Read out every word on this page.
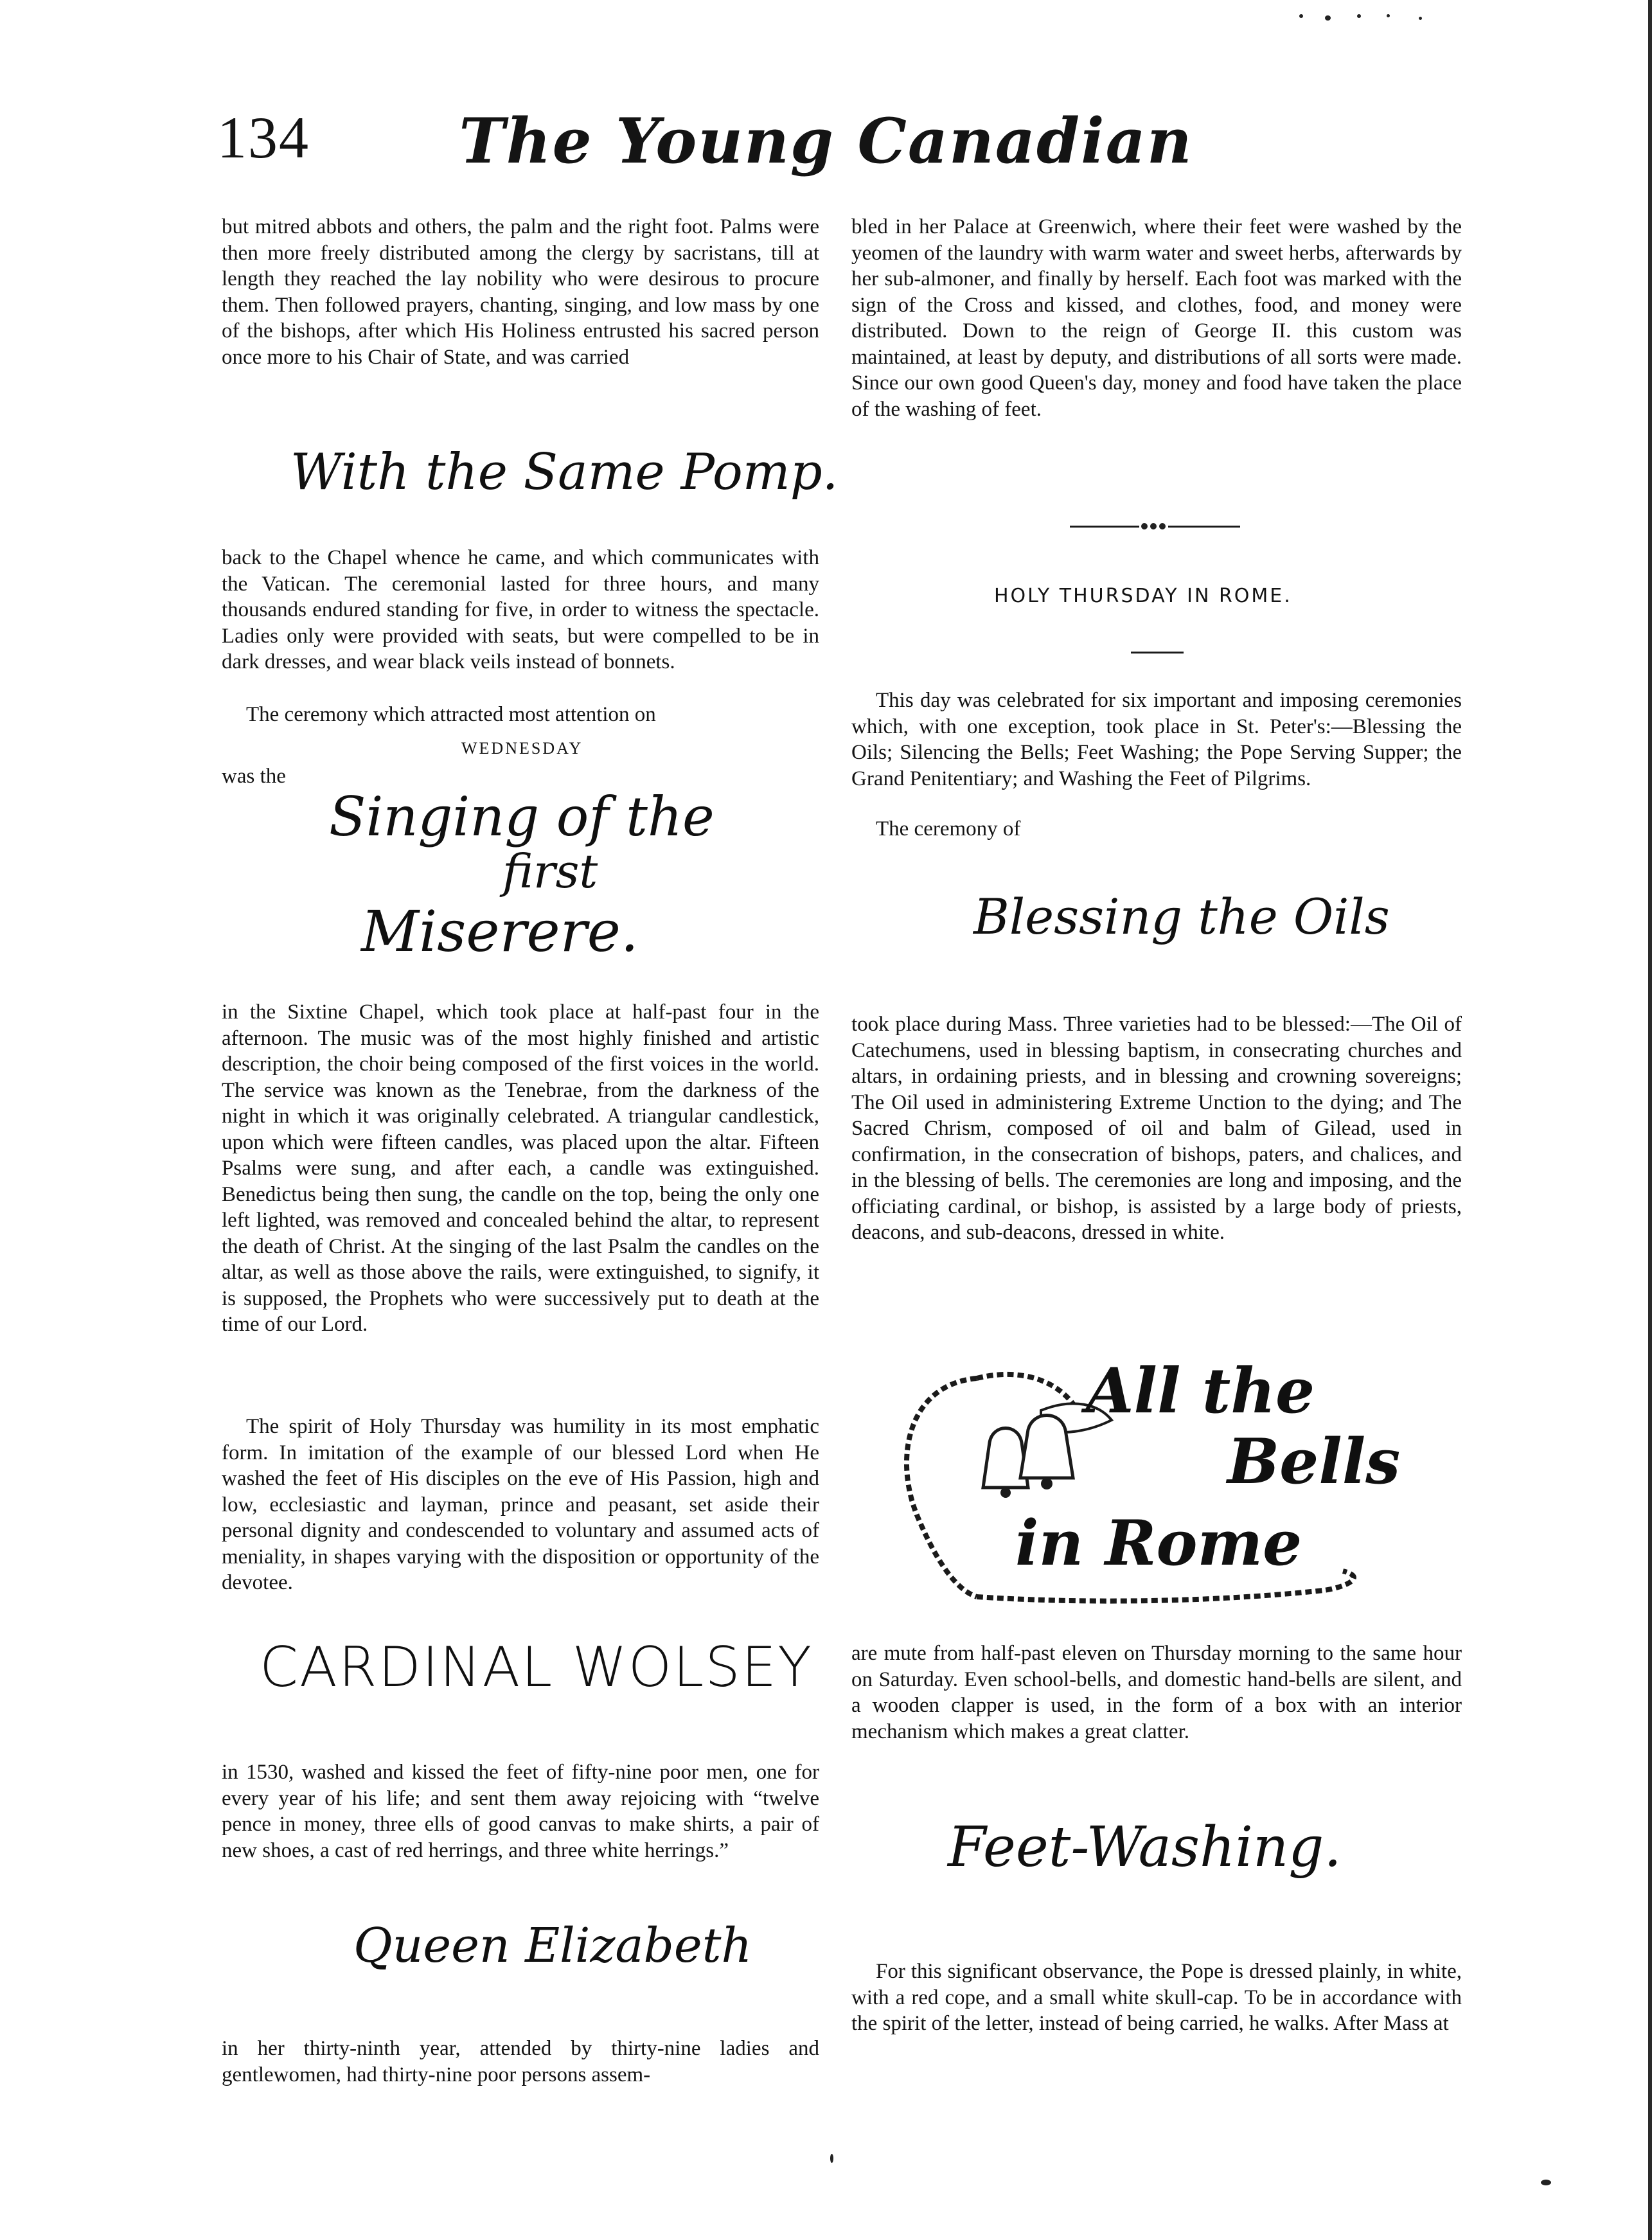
134	The Young Canadian

but mitred abbots and others, the palm and the right foot. Palms were then more freely distributed among the clergy by sacristans, till at length they reached the lay nobility who were desirous to procure them. Then followed prayers, chanting, singing, and low mass by one of the bishops, after which His Holiness entrusted his sacred person once more to his Chair of State, and was carried

With the Same Pomp.

back to the Chapel whence he came, and which communicates with the Vatican. The ceremonial lasted for three hours, and many thousands endured standing for five, in order to witness the spectacle. Ladies only were provided with seats, but were compelled to be in dark dresses, and wear black veils instead of bonnets.

The ceremony which attracted most attention on

WEDNESDAY
was the
Singing of the
first
Miserere.

in the Sixtine Chapel, which took place at half-past four in the afternoon. The music was of the most highly finished and artistic description, the choir being composed of the first voices in the world. The service was known as the Tenebrae, from the darkness of the night in which it was originally celebrated. A triangular candlestick, upon which were fifteen candles, was placed upon the altar. Fifteen Psalms were sung, and after each, a candle was extinguished. Benedictus being then sung, the candle on the top, being the only one left lighted, was removed and concealed behind the altar, to represent the death of Christ. At the singing of the last Psalm the candles on the altar, as well as those above the rails, were extinguished, to signify, it is supposed, the Prophets who were successively put to death at the time of our Lord.

The spirit of Holy Thursday was humility in its most emphatic form. In imitation of the example of our blessed Lord when He washed the feet of His disciples on the eve of His Passion, high and low, ecclesiastic and layman, prince and peasant, set aside their personal dignity and condescended to voluntary and assumed acts of meniality, in shapes varying with the disposition or opportunity of the devotee.

CARDINAL WOLSEY

in 1530, washed and kissed the feet of fifty-nine poor men, one for every year of his life; and sent them away rejoicing with “twelve pence in money, three ells of good canvas to make shirts, a pair of new shoes, a cast of red herrings, and three white herrings.”

Queen Elizabeth

in her thirty-ninth year, attended by thirty-nine ladies and gentlewomen, had thirty-nine poor persons assem-

bled in her Palace at Greenwich, where their feet were washed by the yeomen of the laundry with warm water and sweet herbs, afterwards by her sub-almoner, and finally by herself. Each foot was marked with the sign of the Cross and kissed, and clothes, food, and money were distributed. Down to the reign of George II. this custom was maintained, at least by deputy, and distributions of all sorts were made. Since our own good Queen's day, money and food have taken the place of the washing of feet.

HOLY THURSDAY IN ROME.

This day was celebrated for six important and imposing ceremonies which, with one exception, took place in St. Peter's:—Blessing the Oils; Silencing the Bells; Feet Washing; the Pope Serving Supper; the Grand Penitentiary; and Washing the Feet of Pilgrims.

The ceremony of

Blessing the Oils

took place during Mass. Three varieties had to be blessed:—The Oil of Catechumens, used in blessing baptism, in consecrating churches and altars, in ordaining priests, and in blessing and crowning sovereigns; The Oil used in administering Extreme Unction to the dying; and The Sacred Chrism, composed of oil and balm of Gilead, used in confirmation, in the consecration of bishops, paters, and chalices, and in the blessing of bells. The ceremonies are long and imposing, and the officiating cardinal, or bishop, is assisted by a large body of priests, deacons, and sub-deacons, dressed in white.

All the
Bells
in Rome

are mute from half-past eleven on Thursday morning to the same hour on Saturday. Even school-bells, and domestic hand-bells are silent, and a wooden clapper is used, in the form of a box with an interior mechanism which makes a great clatter.

Feet-Washing.

For this significant observance, the Pope is dressed plainly, in white, with a red cope, and a small white skull-cap. To be in accordance with the spirit of the letter, instead of being carried, he walks. After Mass at
